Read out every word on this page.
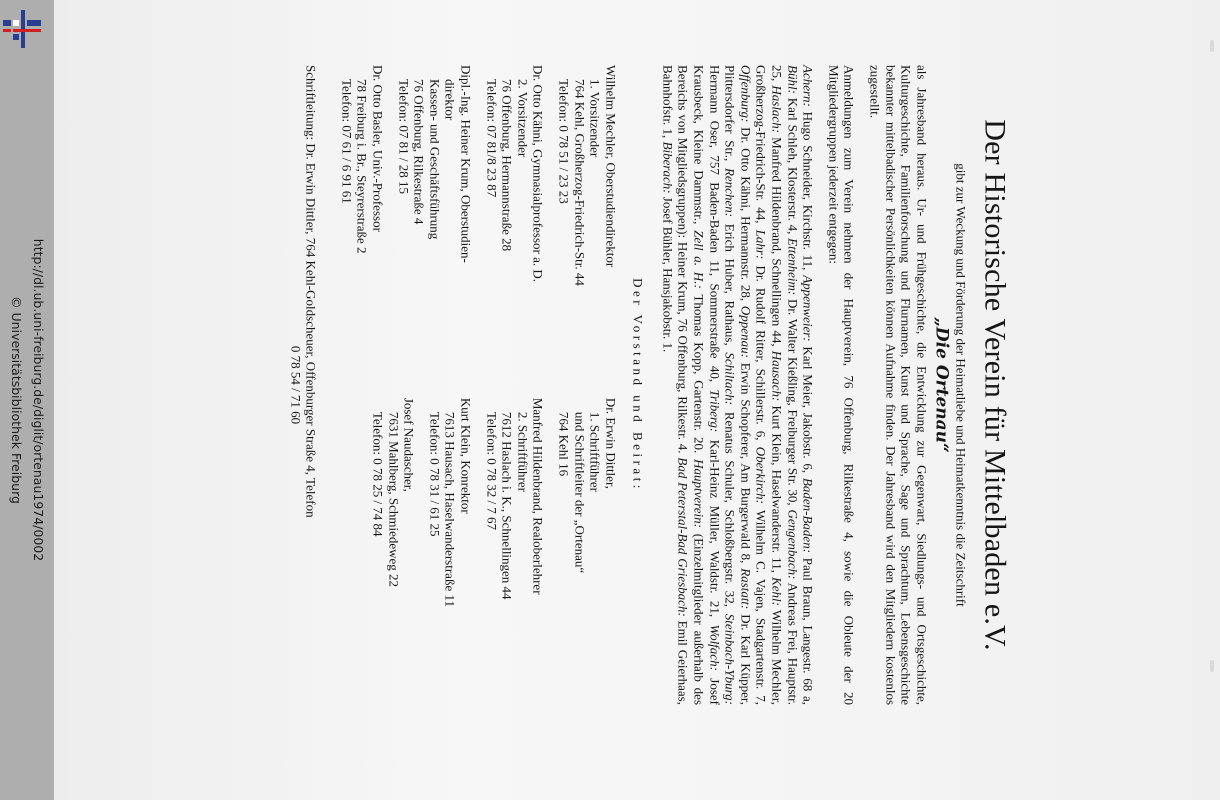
http://dl.ub.uni-freiburg.de/diglit/ortenau1974/0002
© Universitätsbibliothek Freiburg	Der Historische Verein für Mittelbaden e.V.
gibt zur Weckung und Förderung der Heimatliebe und Heimatkenntnis die Zeitschrift
„Die Ortenau“

als Jahresband heraus. Ur- und Frühgeschichte, die Entwicklung zur Gegenwart, Siedlungs- und Ortsgeschichte, Kulturgeschichte, Familienforschung und Flurnamen, Kunst und Sprache, Sage und Sprachtum, Lebensgeschichte bekannter mittelbadischer Persönlichkeiten können Aufnahme finden. Der Jahresband wird den Mitgliedern kostenlos zugestellt.

Anmeldungen zum Verein nehmen der Hauptverein, 76 Offenburg, Rilkestraße 4, sowie die Obleute der 20 Mitgliedergruppen jederzeit entgegen:

Achern: Hugo Schneider, Kirchstr. 11, Appenweier: Karl Meier, Jakobstr. 6, Baden-Baden: Paul Braun, Langestr. 68 a, Bühl: Karl Schleh, Klosterstr. 4, Ettenheim: Dr. Walter Kießling, Freiburger Str. 30, Gengenbach: Andreas Frei, Hauptstr. 25, Haslach: Manfred Hildenbrand, Schnellingen 44, Hausach: Kurt Klein, Haselwanderstr. 11, Kehl: Wilhelm Mechler, Großherzog-Friedrich-Str. 44, Lahr: Dr. Rudolf Ritter, Schillerstr. 6, Oberkirch: Wilhelm C. Vajen, Stadgartenstr. 7, Offenburg: Dr. Otto Kähni, Hermannstr. 28, Oppenau: Erwin Schopferer, Am Burgerwald 8, Rastatt: Dr. Karl Küpper, Plittersdorfer Str., Renchen: Erich Huber, Rathaus, Schiltach: Renatus Schuler, Schloßbergstr. 32, Steinbach-Yburg: Hermann Oser, 757 Baden-Baden 11, Sommerstraße 40, Triberg: Karl-Heinz Müller, Waldstr. 21, Wolfach: Josef Krausbeck, Kleine Dammstr., Zell a. H.: Thomas Kopp, Gartenstr. 20. Hauptverein: (Einzelmitglieder außerhalb des Bereichs von Mitgliedsgruppen): Heiner Krum, 76 Offenburg, Rilkestr. 4. Bad Peterstal-Bad Griesbach: Emil Geierhaas, Bahnhofstr. 1, Biberach: Josef Bühler, Hansjakobstr. 1.

Der Vorstand und Beirat:
Wilhelm Mechler, Oberstudiendirektor
1. Vorsitzender
764 Kehl, Großherzog-Friedrich-Str. 44
Telefon: 0 78 51 / 23 23
Dr. Otto Kähni, Gymnasialprofessor a. D.
2. Vorsitzender
76 Offenburg, Hermannstraße 28
Telefon: 07 81/8 23 87
Dipl.-Ing. Heiner Krum, Oberstudien-
direktor
Kassen- und Geschäftsführung
76 Offenburg, Rilkestraße 4
Telefon: 07 81 / 28 15
Dr. Otto Basler, Univ.-Professor
78 Freiburg i. Br., Steyrerstraße 2
Telefon: 07 61 / 6 91 61
Dr. Erwin Dittler,
1. Schriftführer
und Schriftleiter der „Ortenau“
764 Kehl 16
Manfred Hildenbrand, Realoberlehrer
2. Schriftführer
7612 Haslach i. K., Schnellingen 44
Telefon: 0 78 32 / 7 67
Kurt Klein, Konrektor
7613 Hausach, Haselwanderstraße 11
Telefon: 0 78 31 / 61 25
Josef Naudascher,
7631 Mahlberg, Schmiedeweg 22
Telefon: 0 78 25 / 74 84
Schriftleitung: Dr. Erwin Dittler, 764 Kehl-Goldscheuer, Offenburger Straße 4, Telefon
0 78 54 / 71 60
